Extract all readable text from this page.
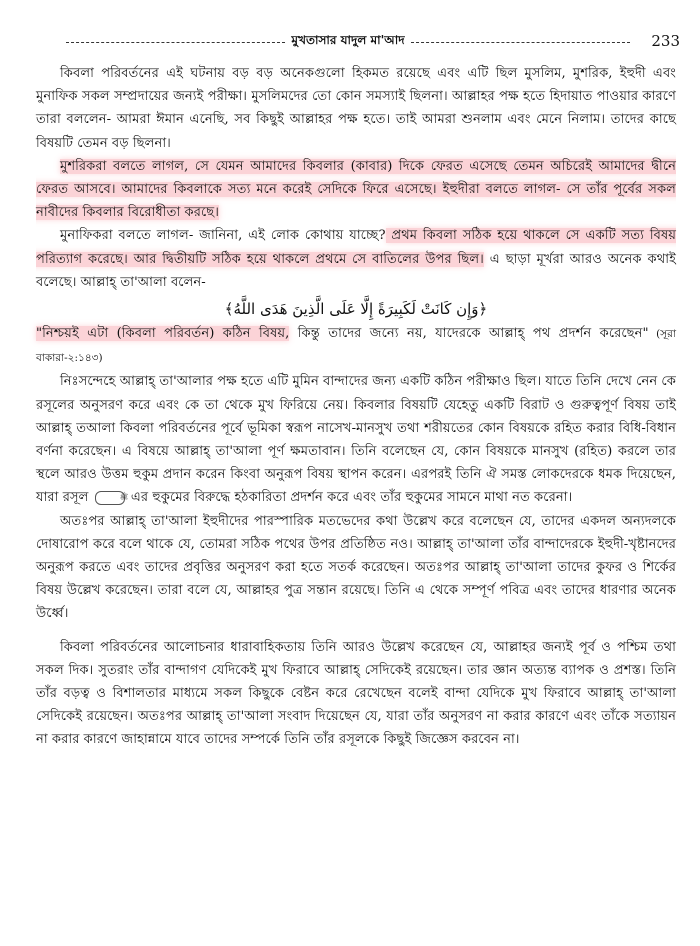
মুখতাসার যাদুল মা'আদ	233

কিবলা পরিবর্তনের এই ঘটনায় বড় বড় অনেকগুলো হিকমত রয়েছে এবং এটি ছিল মুসলিম, মুশরিক, ইহুদী এবং মুনাফিক সকল সম্প্রদায়ের জন্যই পরীক্ষা। মুসলিমদের তো কোন সমস্যাই ছিলনা। আল্লাহর পক্ষ হতে হিদায়াত পাওয়ার কারণে তারা বললেন- আমরা ঈমান এনেছি, সব কিছুই আল্লাহর পক্ষ হতে। তাই আমরা শুনলাম এবং মেনে নিলাম। তাদের কাছে বিষয়টি তেমন বড় ছিলনা।

মুশরিকরা বলতে লাগল, সে যেমন আমাদের কিবলার (কাবার) দিকে ফেরত এসেছে তেমন অচিরেই আমাদের দ্বীনে ফেরত আসবে। আমাদের কিবলাকে সত্য মনে করেই সেদিকে ফিরে এসেছে। ইহুদীরা বলতে লাগল- সে তাঁর পূর্বের সকল নাবীদের কিবলার বিরোধীতা করছে।

মুনাফিকরা বলতে লাগল- জানিনা, এই লোক কোথায় যাচ্ছে? প্রথম কিবলা সঠিক হয়ে থাকলে সে একটি সত্য বিষয় পরিত্যাগ করেছে। আর দ্বিতীয়টি সঠিক হয়ে থাকলে প্রথমে সে বাতিলের উপর ছিল। এ ছাড়া মূর্খরা আরও অনেক কথাই বলেছে। আল্লাহ্ তা'আলা বলেন-

﴿وَإِن كَانَتْ لَكَبِيرَةً إِلَّا عَلَى الَّذِينَ هَدَى اللَّهُ﴾

"নিশ্চয়ই এটা (কিবলা পরিবর্তন) কঠিন বিষয়, কিন্তু তাদের জন্যে নয়, যাদেরকে আল্লাহ্ পথ প্রদর্শন করেছেন" (সূরা বাকারা-২:১৪৩)

নিঃসন্দেহে আল্লাহ্ তা'আলার পক্ষ হতে এটি মুমিন বান্দাদের জন্য একটি কঠিন পরীক্ষাও ছিল। যাতে তিনি দেখে নেন কে রসূলের অনুসরণ করে এবং কে তা থেকে মুখ ফিরিয়ে নেয়। কিবলার বিষয়টি যেহেতু একটি বিরাট ও গুরুত্বপূর্ণ বিষয় তাই আল্লাহ্ তআলা কিবলা পরিবর্তনের পূর্বে ভূমিকা স্বরূপ নাসেখ-মানসুখ তথা শরীয়তের কোন বিষয়কে রহিত করার বিধি-বিধান বর্ণনা করেছেন। এ বিষয়ে আল্লাহ্ তা'আলা পূর্ণ ক্ষমতাবান। তিনি বলেছেন যে, কোন বিষয়কে মানসুখ (রহিত) করলে তার স্থলে আরও উত্তম হুকুম প্রদান করেন কিংবা অনুরূপ বিষয় স্থাপন করেন। এরপরই তিনি ঐ সমস্ত লোকদেরকে ধমক দিয়েছেন, যারা রসূল	ﷺ এর হুকুমের বিরুদ্ধে হঠকারিতা প্রদর্শন করে এবং তাঁর হুকুমের সামনে মাথা নত করেনা।

অতঃপর আল্লাহ্ তা'আলা ইহুদীদের পারস্পারিক মতভেদের কথা উল্লেখ করে বলেছেন যে, তাদের একদল অন্যদলকে দোষারোপ করে বলে থাকে যে, তোমরা সঠিক পথের উপর প্রতিষ্ঠিত নও। আল্লাহ্ তা'আলা তাঁর বান্দাদেরকে ইহুদী-খৃষ্টানদের অনুরূপ করতে এবং তাদের প্রবৃত্তির অনুসরণ করা হতে সতর্ক করেছেন। অতঃপর আল্লাহ্ তা'আলা তাদের কুফর ও শির্কের বিষয় উল্লেখ করেছেন। তারা বলে যে, আল্লাহর পুত্র সন্তান রয়েছে। তিনি এ থেকে সম্পূর্ণ পবিত্র এবং তাদের ধারণার অনেক উর্ধ্বে।

কিবলা পরিবর্তনের আলোচনার ধারাবাহিকতায় তিনি আরও উল্লেখ করেছেন যে, আল্লাহর জন্যই পূর্ব ও পশ্চিম তথা সকল দিক। সুতরাং তাঁর বান্দাগণ যেদিকেই মুখ ফিরাবে আল্লাহ্ সেদিকেই রয়েছেন। তার জ্ঞান অত্যন্ত ব্যাপক ও প্রশস্ত। তিনি তাঁর বড়ত্ব ও বিশালতার মাধ্যমে সকল কিছুকে বেষ্টন করে রেখেছেন বলেই বান্দা যেদিকে মুখ ফিরাবে আল্লাহ্ তা'আলা সেদিকেই রয়েছেন। অতঃপর আল্লাহ্ তা'আলা সংবাদ দিয়েছেন যে, যারা তাঁর অনুসরণ না করার কারণে এবং তাঁকে সত্যায়ন না করার কারণে জাহান্নামে যাবে তাদের সম্পর্কে তিনি তাঁর রসূলকে কিছুই জিজ্ঞেস করবেন না।
